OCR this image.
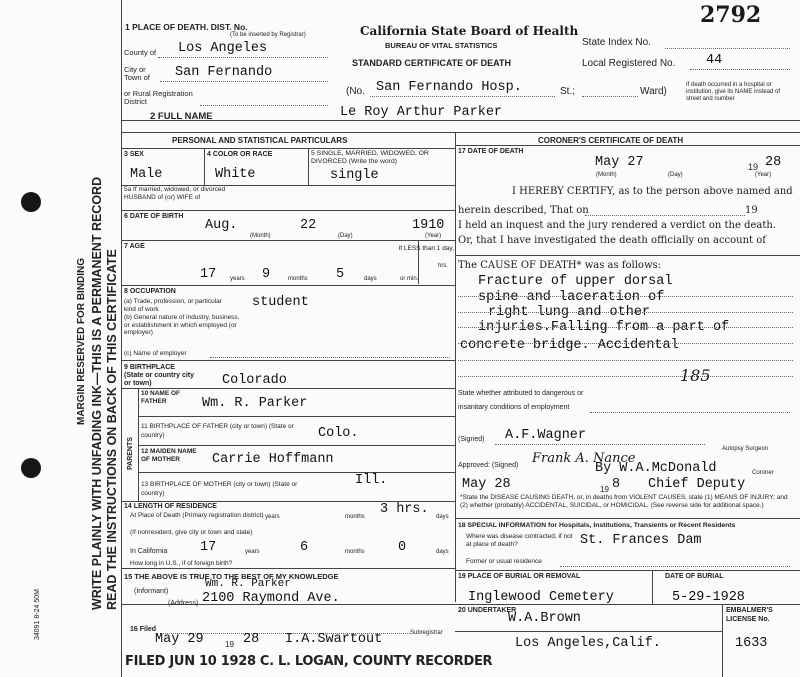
MARGIN RESERVED FOR BINDING WRITE PLAINLY WITH UNFADING INK—THIS IS A PERMANENT RECORD READ THE INSTRUCTIONS ON BACK OF THIS CERTIFICATE
34091 8-24 50M
2792
1 PLACE OF DEATH. DIST. No.
(To be inserted by Registrar)	California State Board of Health
BUREAU OF VITAL STATISTICS
STANDARD CERTIFICATE OF DEATH
State Index No.
Local Registered No. 44
If death occurred in a hospital or institution, give its NAME instead of street and number
County of Los Angeles
City or Town of	San Fernando
or Rural Registration District
(No. San Fernando Hosp.	St.;	Ward)
2 FULL NAME	Le Roy Arthur Parker
PERSONAL AND STATISTICAL PARTICULARS
3 SEX
Male
4 COLOR OR RACE
White
5 SINGLE, MARRIED, WIDOWED, OR DIVORCED (Write the word)
single
5a If married, widowed, or divorced HUSBAND of (or) WIFE of
6 DATE OF BIRTH
Aug.	22	1910
(Month)	(Day)	(Year)
7 AGE
17 years 9	months 5	days
If LESS than 1 day,
hrs.
or min.
8 OCCUPATION
(a) Trade, profession, or particular kind of work	student
(b) General nature of industry, business, or establishment in which employed (or employer)
(c) Name of employer
9 BIRTHPLACE (State or country city or town)	Colorado
PARENTS
10 NAME OF FATHER	Wm. R. Parker
11 BIRTHPLACE OF FATHER (city or town) (State or country)	Colo.
12 MAIDEN NAME OF MOTHER	Carrie Hoffmann
13 BIRTHPLACE OF MOTHER (city or town) (State or country)
Ill.
14 LENGTH OF RESIDENCE
At Place of Death (Primary registration district) years	months 3 hrs. days
(If nonresident, give city or town and state)
In California 17	years	6	months 0	days
How long in U.S., if of foreign birth?
15 THE ABOVE IS TRUE TO THE BEST OF MY KNOWLEDGE
(Informant)
Wm. R. Parker
(Address) 2100 Raymond Ave.
16 Filed
May 29	19 28 I.A.Swartout	Subregistrar
FILED JUN 10 1928 C. L. LOGAN, COUNTY RECORDER
CORONER'S CERTIFICATE OF DEATH
17 DATE OF DEATH
May 27	19 28
(Month)	(Day)	(Year)
I HEREBY CERTIFY, as to the person above named and
herein described, That on	19
I held an inquest and the jury rendered a verdict on the death.
Or, that I have investigated the death officially on account of
The CAUSE OF DEATH* was as follows:
Fracture of upper dorsal
spine and laceration of
right lung and other
injuries.Falling from a part of
concrete bridge. Accidental
185
State whether attributed to dangerous or
insanitary conditions of employment
(Signed) A.F.Wagner
Autopsy Surgeon
Approved: (Signed) Frank A. Nance
By W.A.McDonald	Coroner
May 28	19 8 Chief Deputy
*State the DISEASE CAUSING DEATH, or, in deaths from VIOLENT CAUSES, state (1) MEANS OF INJURY; and (2) whether (probably) ACCIDENTAL, SUICIDAL, or HOMICIDAL. (See reverse side for additional space.)
18 SPECIAL INFORMATION for Hospitals, Institutions, Transients or Recent Residents
Where was disease contracted, if not at place of death?	St. Frances Dam
Former or usual residence
19 PLACE OF BURIAL OR REMOVAL
Inglewood Cemetery
DATE OF BURIAL
5-29-1928
20 UNDERTAKER
W.A.Brown
Los Angeles,Calif.
EMBALMER'S LICENSE No.
1633
